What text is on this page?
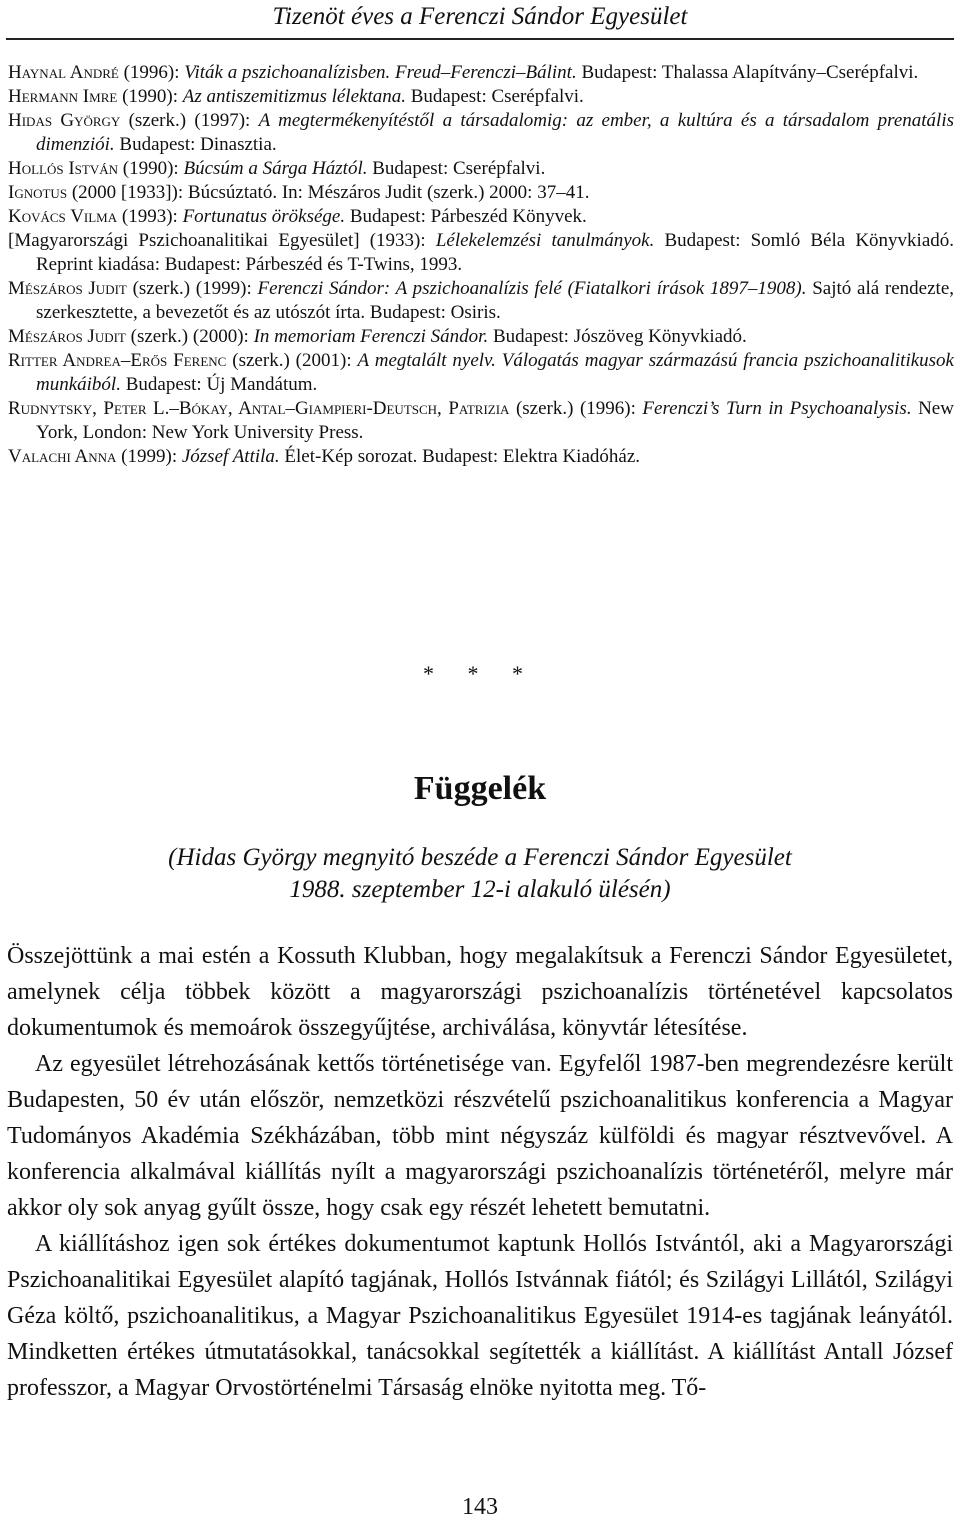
Tizenöt éves a Ferenczi Sándor Egyesület

Haynal André (1996): Viták a pszichoanalízisben. Freud–Ferenczi–Bálint. Budapest: Thalassa Alapítvány–Cserépfalvi.

Hermann Imre (1990): Az antiszemitizmus lélektana. Budapest: Cserépfalvi.

Hidas György (szerk.) (1997): A megtermékenyítéstől a társadalomig: az ember, a kultúra és a társadalom prenatális dimenziói. Budapest: Dinasztia.

Hollós István (1990): Búcsúm a Sárga Háztól. Budapest: Cserépfalvi.

Ignotus (2000 [1933]): Búcsúztató. In: Mészáros Judit (szerk.) 2000: 37–41.

Kovács Vilma (1993): Fortunatus öröksége. Budapest: Párbeszéd Könyvek.

[Magyarországi Pszichoanalitikai Egyesület] (1933): Lélekelemzési tanulmányok. Budapest: Somló Béla Könyvkiadó. Reprint kiadása: Budapest: Párbeszéd és T-Twins, 1993.

Mészáros Judit (szerk.) (1999): Ferenczi Sándor: A pszichoanalízis felé (Fiatalkori írások 1897–1908). Sajtó alá rendezte, szerkesztette, a bevezetőt és az utószót írta. Budapest: Osiris.

Mészáros Judit (szerk.) (2000): In memoriam Ferenczi Sándor. Budapest: Jószöveg Könyvkiadó.

Ritter Andrea–Erős Ferenc (szerk.) (2001): A megtalált nyelv. Válogatás magyar származású francia pszichoanalitikusok munkáiból. Budapest: Új Mandátum.

Rudnytsky, Peter L.–Bókay, Antal–Giampieri-Deutsch, Patrizia (szerk.) (1996): Ferenczi’s Turn in Psychoanalysis. New York, London: New York University Press.

Valachi Anna (1999): József Attila. Élet-Kép sorozat. Budapest: Elektra Kiadóház.

* * *
Függelék
(Hidas György megnyitó beszéde a Ferenczi Sándor Egyesület 1988. szeptember 12-i alakuló ülésén)

Összejöttünk a mai estén a Kossuth Klubban, hogy megalakítsuk a Ferenczi Sándor Egyesületet, amelynek célja többek között a magyarországi pszichoanalízis történetével kapcsolatos dokumentumok és memoárok összegyűjtése, archiválása, könyvtár létesítése.

Az egyesület létrehozásának kettős történetisége van. Egyfelől 1987-ben megrendezésre került Budapesten, 50 év után először, nemzetközi részvételű pszichoanalitikus konferencia a Magyar Tudományos Akadémia Székházában, több mint négyszáz külföldi és magyar résztvevővel. A konferencia alkalmával kiállítás nyílt a magyarországi pszichoanalízis történetéről, melyre már akkor oly sok anyag gyűlt össze, hogy csak egy részét lehetett bemutatni.

A kiállításhoz igen sok értékes dokumentumot kaptunk Hollós Istvántól, aki a Magyarországi Pszichoanalitikai Egyesület alapító tagjának, Hollós Istvánnak fiától; és Szilágyi Lillától, Szilágyi Géza költő, pszichoanalitikus, a Magyar Pszichoanalitikus Egyesület 1914-es tagjának leányától. Mindketten értékes útmutatásokkal, tanácsokkal segítették a kiállítást. A kiállítást Antall József professzor, a Magyar Orvostörténelmi Társaság elnöke nyitotta meg. Tő-

143
